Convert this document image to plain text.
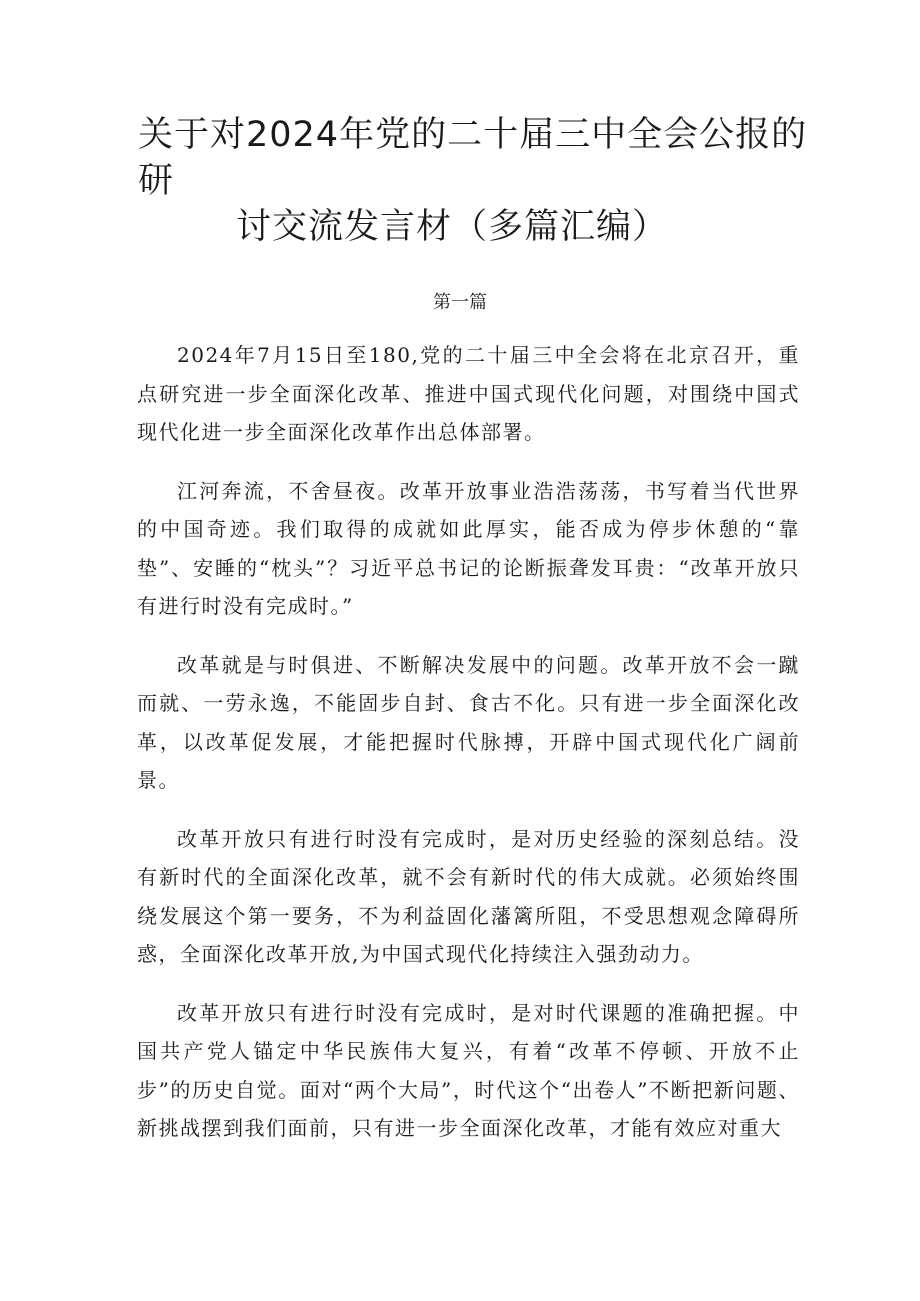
关于对2024年党的二十届三中全会公报的研
讨交流发言材（多篇汇编）
第一篇

2024年7月15日至180,党的二十届三中全会将在北京召开，重点研究进一步全面深化改革、推进中国式现代化问题，对围绕中国式现代化进一步全面深化改革作出总体部署。

江河奔流，不舍昼夜。改革开放事业浩浩荡荡，书写着当代世界的中国奇迹。我们取得的成就如此厚实，能否成为停步休憩的“靠垫”、安睡的“枕头”？习近平总书记的论断振聋发耳贵：“改革开放只有进行时没有完成时。”

改革就是与时俱进、不断解决发展中的问题。改革开放不会一蹴而就、一劳永逸，不能固步自封、食古不化。只有进一步全面深化改革，以改革促发展，才能把握时代脉搏，开辟中国式现代化广阔前景。

改革开放只有进行时没有完成时，是对历史经验的深刻总结。没有新时代的全面深化改革，就不会有新时代的伟大成就。必须始终围绕发展这个第一要务，不为利益固化藩篱所阻，不受思想观念障碍所惑，全面深化改革开放,为中国式现代化持续注入强劲动力。

改革开放只有进行时没有完成时，是对时代课题的准确把握。中国共产党人锚定中华民族伟大复兴，有着“改革不停顿、开放不止步”的历史自觉。面对“两个大局”，时代这个“出卷人”不断把新问题、新挑战摆到我们面前，只有进一步全面深化改革，才能有效应对重大
